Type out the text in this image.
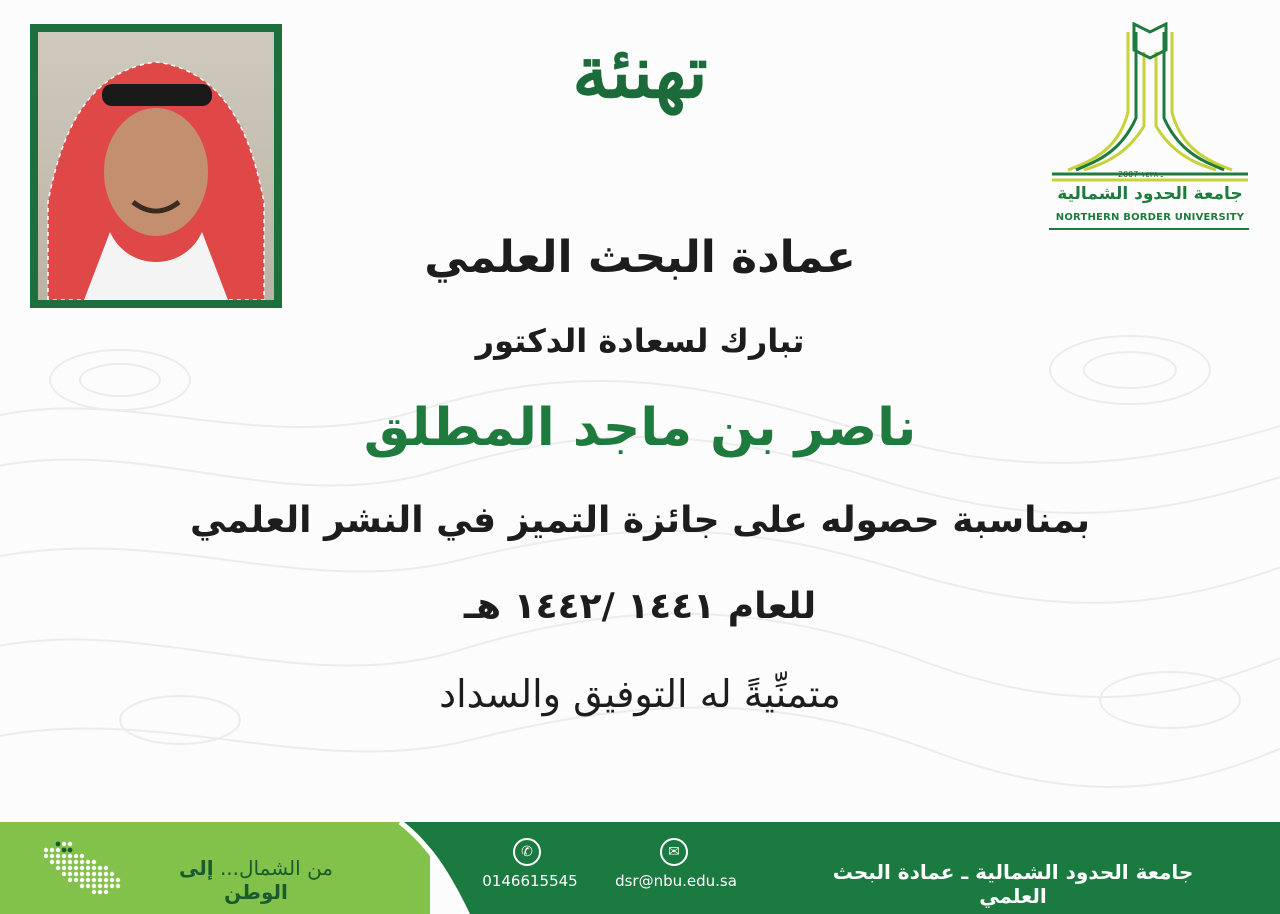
2007 ـ ١٤٢٨
جامعة الحدود الشمالية
NORTHERN BORDER UNIVERSITY
تهنئة
عمادة البحث العلمي
تبارك لسعادة الدكتور
ناصر بن ماجد المطلق
بمناسبة حصوله على جائزة التميز في النشر العلمي
للعام ١٤٤١ /١٤٤٢ هـ
متمنِّيةً له التوفيق والسداد
من الشمال... إلى الوطن
✆
0146615545
✉
dsr@nbu.edu.sa	جامعة الحدود الشمالية ـ عمادة البحث العلمي
